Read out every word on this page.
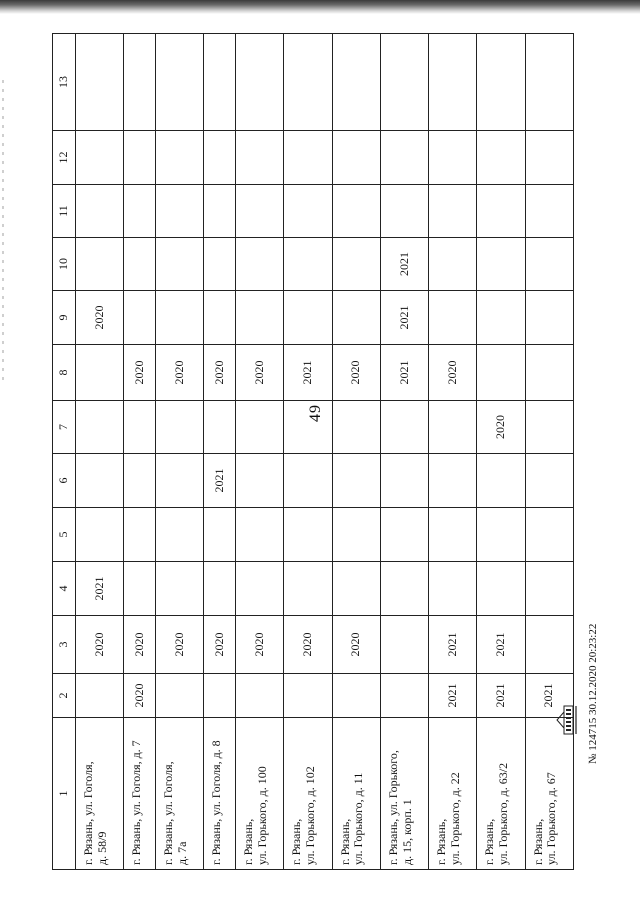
1	2	3	4	5	6	7	8	9	10	11	12	13

г. Рязань, ул. Гоголя, д. 58/9		2020	2021					2020				

г. Рязань, ул. Гоголя, д. 7	2020	2020					2020					

г. Рязань, ул. Гоголя, д. 7а		2020					2020					

г. Рязань, ул. Гоголя, д. 8		2020			2021		2020					

г. Рязань, ул. Горького, д. 100		2020					2020					

г. Рязань, ул. Горького, д. 102		2020					2021					

г. Рязань, ул. Горького, д. 11		2020					2020					

г. Рязань, ул. Горького, д. 15, корп. 1							2021	2021	2021			

г. Рязань, ул. Горького, д. 22	2021	2021					2020					

г. Рязань, ул. Горького, д. 63/2	2021	2021				2020						

г. Рязань, ул. Горького, д. 67	2021											
49
№ 124715 30.12.2020 20:23:22
